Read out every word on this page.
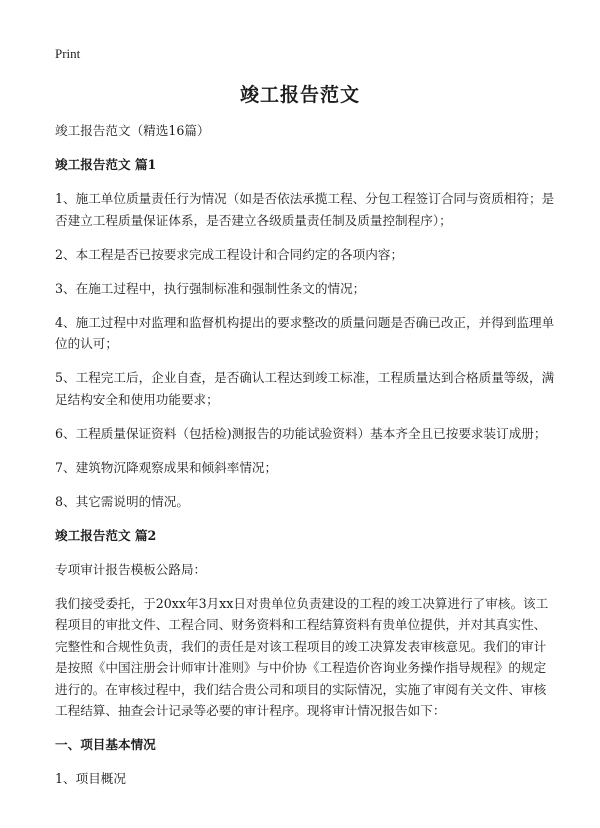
Print
竣工报告范文

竣工报告范文（精选16篇）

竣工报告范文 篇1

1、施工单位质量责任行为情况（如是否依法承揽工程、分包工程签订合同与资质相符；是否建立工程质量保证体系，是否建立各级质量责任制及质量控制程序）；

2、本工程是否已按要求完成工程设计和合同约定的各项内容；

3、在施工过程中，执行强制标准和强制性条文的情况；

4、施工过程中对监理和监督机构提出的要求整改的质量问题是否确已改正，并得到监理单位的认可；

5、工程完工后，企业自查，是否确认工程达到竣工标准，工程质量达到合格质量等级，满足结构安全和使用功能要求；

6、工程质量保证资料（包括检)测报告的功能试验资料）基本齐全且已按要求装订成册；

7、建筑物沉降观察成果和倾斜率情况；

8、其它需说明的情况。

竣工报告范文 篇2

专项审计报告模板公路局：

我们接受委托，于20xx年3月xx日对贵单位负责建设的工程的竣工决算进行了审核。该工程项目的审批文件、工程合同、财务资料和工程结算资料有贵单位提供，并对其真实性、完整性和合规性负责，我们的责任是对该工程项目的竣工决算发表审核意见。我们的审计是按照《中国注册会计师审计准则》与中价协《工程造价咨询业务操作指导规程》的规定进行的。在审核过程中，我们结合贵公司和项目的实际情况，实施了审阅有关文件、审核工程结算、抽查会计记录等必要的审计程序。现将审计情况报告如下：

一、项目基本情况

1、项目概况
